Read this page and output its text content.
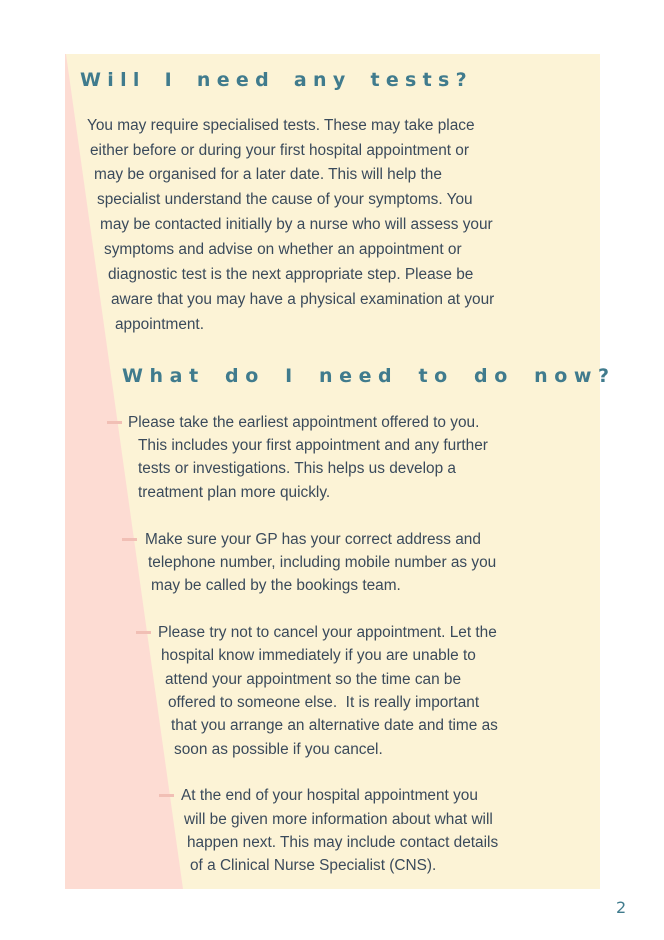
Will I need any tests?
You may require specialised tests. These may take place
either before or during your first hospital appointment or
may be organised for a later date. This will help the
specialist understand the cause of your symptoms. You
may be contacted initially by a nurse who will assess your
symptoms and advise on whether an appointment or
diagnostic test is the next appropriate step. Please be
aware that you may have a physical examination at your
appointment.
What do I need to do now?
Please take the earliest appointment offered to you.
This includes your first appointment and any further
tests or investigations. This helps us develop a
treatment plan more quickly.
Make sure your GP has your correct address and
telephone number, including mobile number as you
may be called by the bookings team.
Please try not to cancel your appointment. Let the
hospital know immediately if you are unable to
attend your appointment so the time can be
offered to someone else.  It is really important
that you arrange an alternative date and time as
soon as possible if you cancel.
At the end of your hospital appointment you
will be given more information about what will
happen next. This may include contact details
of a Clinical Nurse Specialist (CNS).
2
